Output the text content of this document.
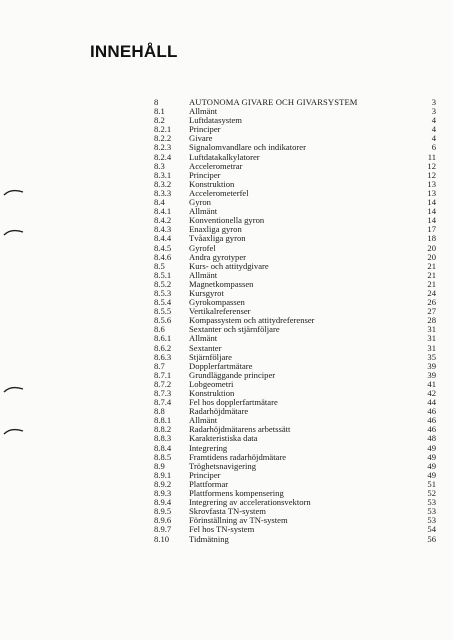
INNEHÅLL
8	AUTONOMA GIVARE OCH GIVARSYSTEM	3
8.1	Allmänt	3
8.2	Luftdatasystem	4
8.2.1 Principer	4
8.2.2 Givare	4
8.2.3 Signalomvandlare och indikatorer	6
8.2.4 Luftdatakalkylatorer	11
8.3	Accelerometrar	12
8.3.1 Principer	12
8.3.2 Konstruktion	13
8.3.3 Accelerometerfel	13
8.4	Gyron	14
8.4.1 Allmänt	14
8.4.2 Konventionella gyron	14
8.4.3 Enaxliga gyron	17
8.4.4 Tvåaxliga gyron	18
8.4.5 Gyrofel	20
8.4.6 Andra gyrotyper	20
8.5	Kurs- och attitydgivare	21
8.5.1 Allmänt	21
8.5.2 Magnetkompassen	21
8.5.3 Kursgyrot	24
8.5.4 Gyrokompassen	26
8.5.5 Vertikalreferenser	27
8.5.6 Kompassystem och attitydreferenser	28
8.6	Sextanter och stjärnföljare	31
8.6.1 Allmänt	31
8.6.2 Sextanter	31
8.6.3 Stjärnföljare	35
8.7	Dopplerfartmätare	39
8.7.1 Grundläggande principer	39
8.7.2 Lobgeometri	41
8.7.3 Konstruktion	42
8.7.4 Fel hos dopplerfartmätare	44
8.8	Radarhöjdmätare	46
8.8.1 Allmänt	46
8.8.2 Radarhöjdmätarens arbetssätt	46
8.8.3 Karakteristiska data	48
8.8.4 Integrering	49
8.8.5 Framtidens radarhöjdmätare	49
8.9	Tröghetsnavigering	49
8.9.1 Principer	49
8.9.2 Plattformar	51
8.9.3 Plattformens kompensering	52
8.9.4 Integrering av accelerationsvektorn	53
8.9.5 Skrovfasta TN-system	53
8.9.6 Förinställning av TN-system	53
8.9.7 Fel hos TN-system	54
8.10 Tidmätning	56
